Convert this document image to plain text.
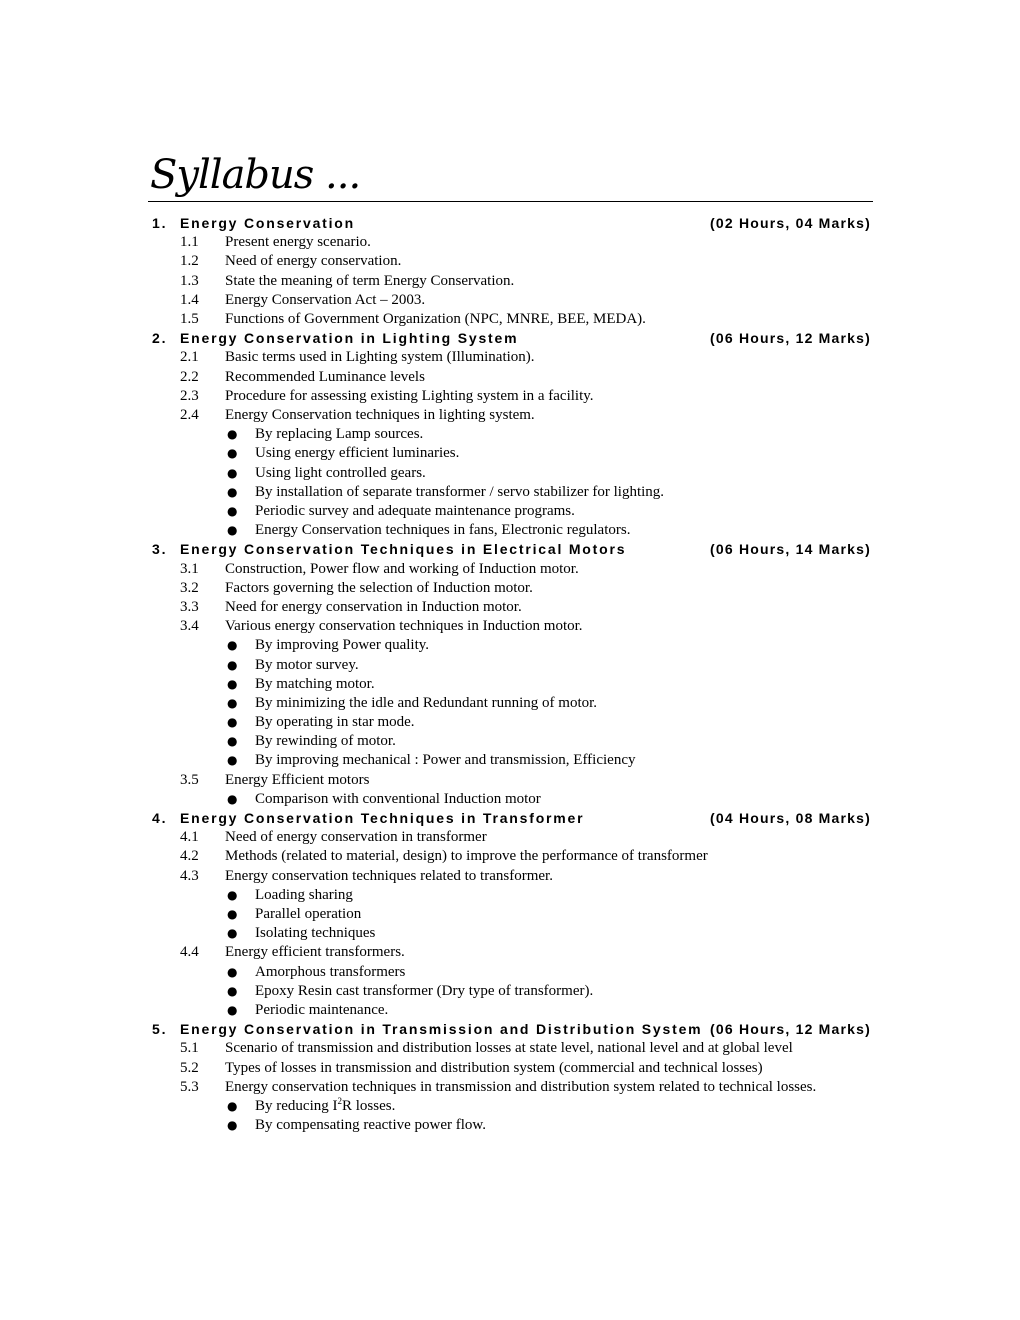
Syllabus ...
1. Energy Conservation	(02 Hours, 04 Marks)
1.1 Present energy scenario.
1.2 Need of energy conservation.
1.3 State the meaning of term Energy Conservation.
1.4 Energy Conservation Act – 2003.
1.5 Functions of Government Organization (NPC, MNRE, BEE, MEDA).
2. Energy Conservation in Lighting System	(06 Hours, 12 Marks)
2.1 Basic terms used in Lighting system (Illumination).
2.2 Recommended Luminance levels
2.3 Procedure for assessing existing Lighting system in a facility.
2.4 Energy Conservation techniques in lighting system.
● By replacing Lamp sources.
● Using energy efficient luminaries.
● Using light controlled gears.
● By installation of separate transformer / servo stabilizer for lighting.
● Periodic survey and adequate maintenance programs.
● Energy Conservation techniques in fans, Electronic regulators.
3. Energy Conservation Techniques in Electrical Motors	(06 Hours, 14 Marks)
3.1 Construction, Power flow and working of Induction motor.
3.2 Factors governing the selection of Induction motor.
3.3 Need for energy conservation in Induction motor.
3.4 Various energy conservation techniques in Induction motor.
● By improving Power quality.
● By motor survey.
● By matching motor.
● By minimizing the idle and Redundant running of motor.
● By operating in star mode.
● By rewinding of motor.
● By improving mechanical : Power and transmission, Efficiency
3.5 Energy Efficient motors
● Comparison with conventional Induction motor
4. Energy Conservation Techniques in Transformer	(04 Hours, 08 Marks)
4.1 Need of energy conservation in transformer
4.2 Methods (related to material, design) to improve the performance of transformer
4.3 Energy conservation techniques related to transformer.
● Loading sharing
● Parallel operation
● Isolating techniques
4.4 Energy efficient transformers.
● Amorphous transformers
● Epoxy Resin cast transformer (Dry type of transformer).
● Periodic maintenance.
5. Energy Conservation in Transmission and Distribution System (06 Hours, 12 Marks)
5.1 Scenario of transmission and distribution losses at state level, national level and at global level
5.2 Types of losses in transmission and distribution system (commercial and technical losses)
5.3 Energy conservation techniques in transmission and distribution system related to technical losses.
● By reducing $I^2R$ losses.
● By compensating reactive power flow.
